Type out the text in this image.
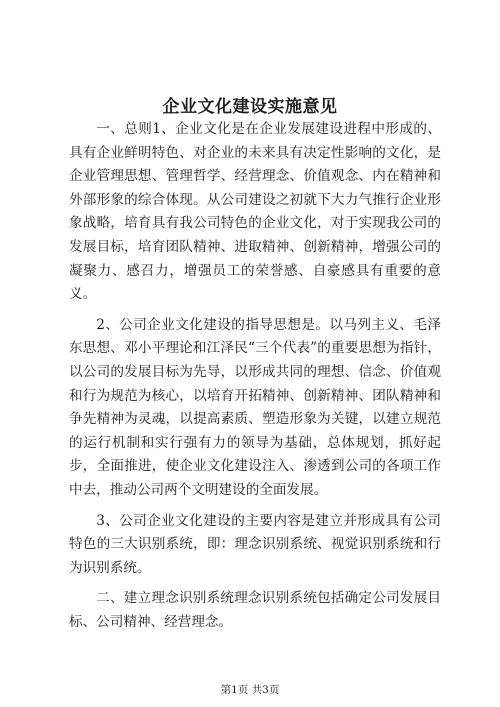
企业文化建设实施意见

一、总则1、企业文化是在企业发展建设进程中形成的、具有企业鲜明特色、对企业的未来具有决定性影响的文化，是企业管理思想、管理哲学、经营理念、价值观念、内在精神和外部形象的综合体现。从公司建设之初就下大力气推行企业形象战略，培育具有我公司特色的企业文化，对于实现我公司的发展目标，培育团队精神、进取精神、创新精神，增强公司的凝聚力、感召力，增强员工的荣誉感、自豪感具有重要的意义。

2、公司企业文化建设的指导思想是。以马列主义、毛泽东思想、邓小平理论和江泽民“三个代表”的重要思想为指针，以公司的发展目标为先导，以形成共同的理想、信念、价值观和行为规范为核心，以培育开拓精神、创新精神、团队精神和争先精神为灵魂，以提高素质、塑造形象为关键，以建立规范的运行机制和实行强有力的领导为基础，总体规划，抓好起步，全面推进，使企业文化建设注入、渗透到公司的各项工作中去，推动公司两个文明建设的全面发展。

3、公司企业文化建设的主要内容是建立并形成具有公司特色的三大识别系统，即：理念识别系统、视觉识别系统和行为识别系统。

二、建立理念识别系统理念识别系统包括确定公司发展目标、公司精神、经营理念。

第1页 共3页
